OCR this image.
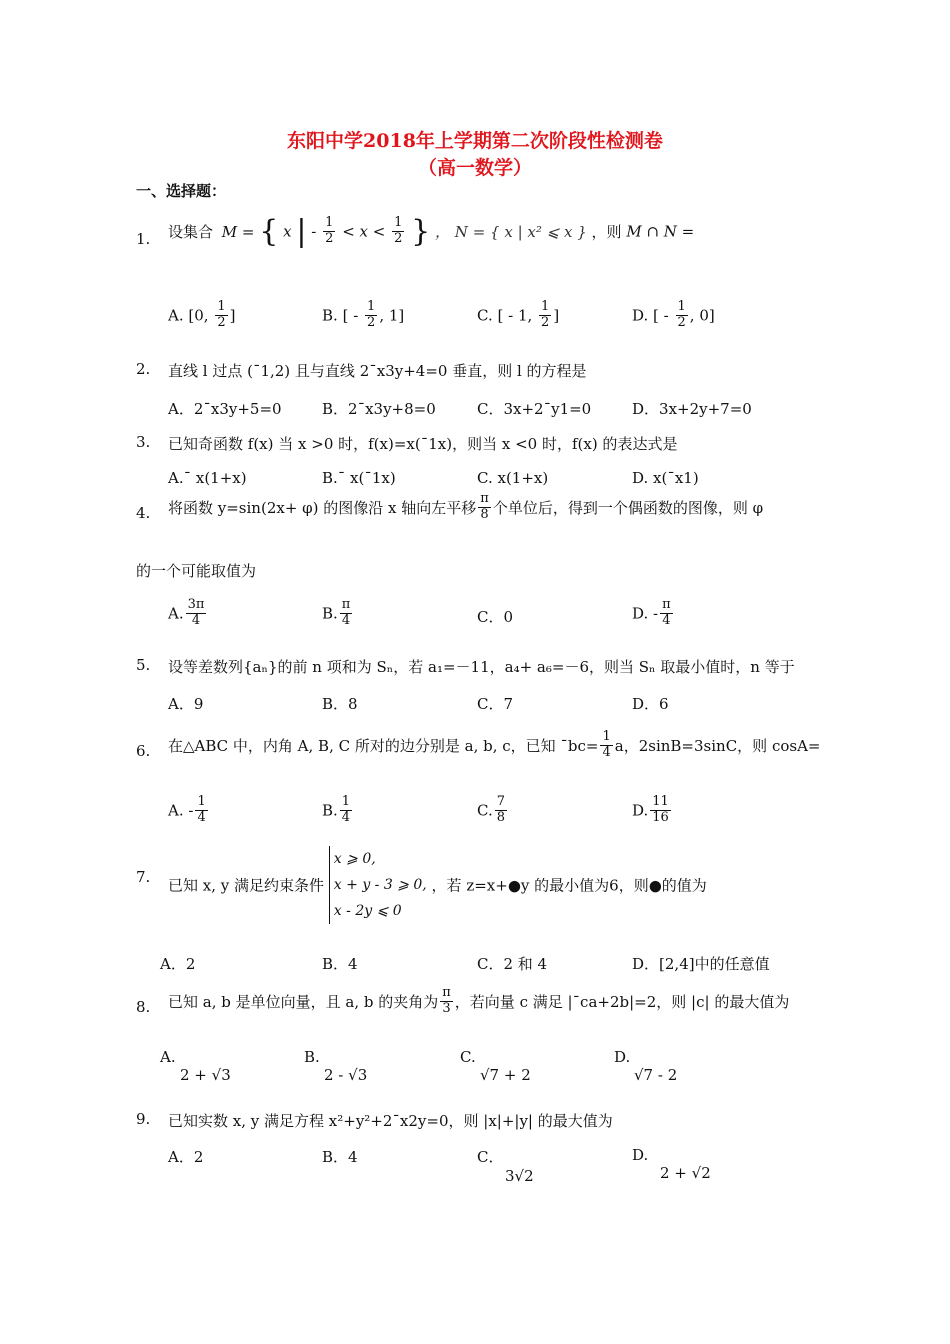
东阳中学2018年上学期第二次阶段性检测卷
（高一数学）
一、选择题：
1. 设集合 M = { x | - $\frac{1}{2} < x < \frac{1}{2}$ } ， N = { x | x² ⩽ x } ，则 M ∩ N =
A. [0, $\frac{1}{2}$ ]	B. [ - $\frac{1}{2}$ , 1]	C. [ - 1, $\frac{1}{2}$ ]	D. [ - $\frac{1}{2}$ , 0]
2. 直线 l 过点 (ˉ1,2) 且与直线 2ˉx3y+4=0 垂直，则 l 的方程是
A．2ˉx3y+5=0	B．2ˉx3y+8=0	C．3x+2ˉy1=0	D．3x+2y+7=0
3. 已知奇函数 f(x) 当 x >0 时，f(x)=x(ˉ1x)，则当 x <0 时，f(x) 的表达式是
A.ˉ x(1+x)	B.ˉ x(ˉ1x)	C. x(1+x)	D. x(ˉx1)
4. 将函数 y=sin(2x+ φ) 的图像沿 x 轴向左平移 $\frac{\pi}{8}$ 个单位后，得到一个偶函数的图像，则 φ
的一个可能取值为
A. $\frac{3\pi}{4}$	B. $\frac{\pi}{4}$	C．0	D. - $\frac{\pi}{4}$
5. 设等差数列{aₙ}的前 n 项和为 Sₙ，若 a₁=－11，a₄+ a₆=－6，则当 Sₙ 取最小值时，n 等于
A．9	B．8	C．7	D．6
6. 在△ABC 中，内角 A, B, C 所对的边分别是 a, b, c，已知 ˉbc= $\frac{1}{4}$ a，2sinB=3sinC，则 cosA=
A. - $\frac{1}{4}$	B. $\frac{1}{4}$	C. $\frac{7}{8}$	D. $\frac{11}{16}$
7. 已知 x, y 满足约束条件
x ⩾ 0,
x + y - 3 ⩾ 0,
x - 2y ⩽ 0
，若 z=x+●y 的最小值为6，则●的值为
A．2	B．4	C．2 和 4	D．[2,4]中的任意值
8. 已知 a, b 是单位向量，且 a, b 的夹角为 $\frac{\pi}{3}$ ，若向量 c 满足 |ˉca+2b|=2，则 |c| 的最大值为
A.
2 + √3
B.
2 - √3
C.
√7 + 2
D.
√7 - 2
9. 已知实数 x, y 满足方程 x²+y²+2ˉx2y=0，则 |x|+|y| 的最大值为
A．2	B．4	C．
3√2
D.
2 + √2
